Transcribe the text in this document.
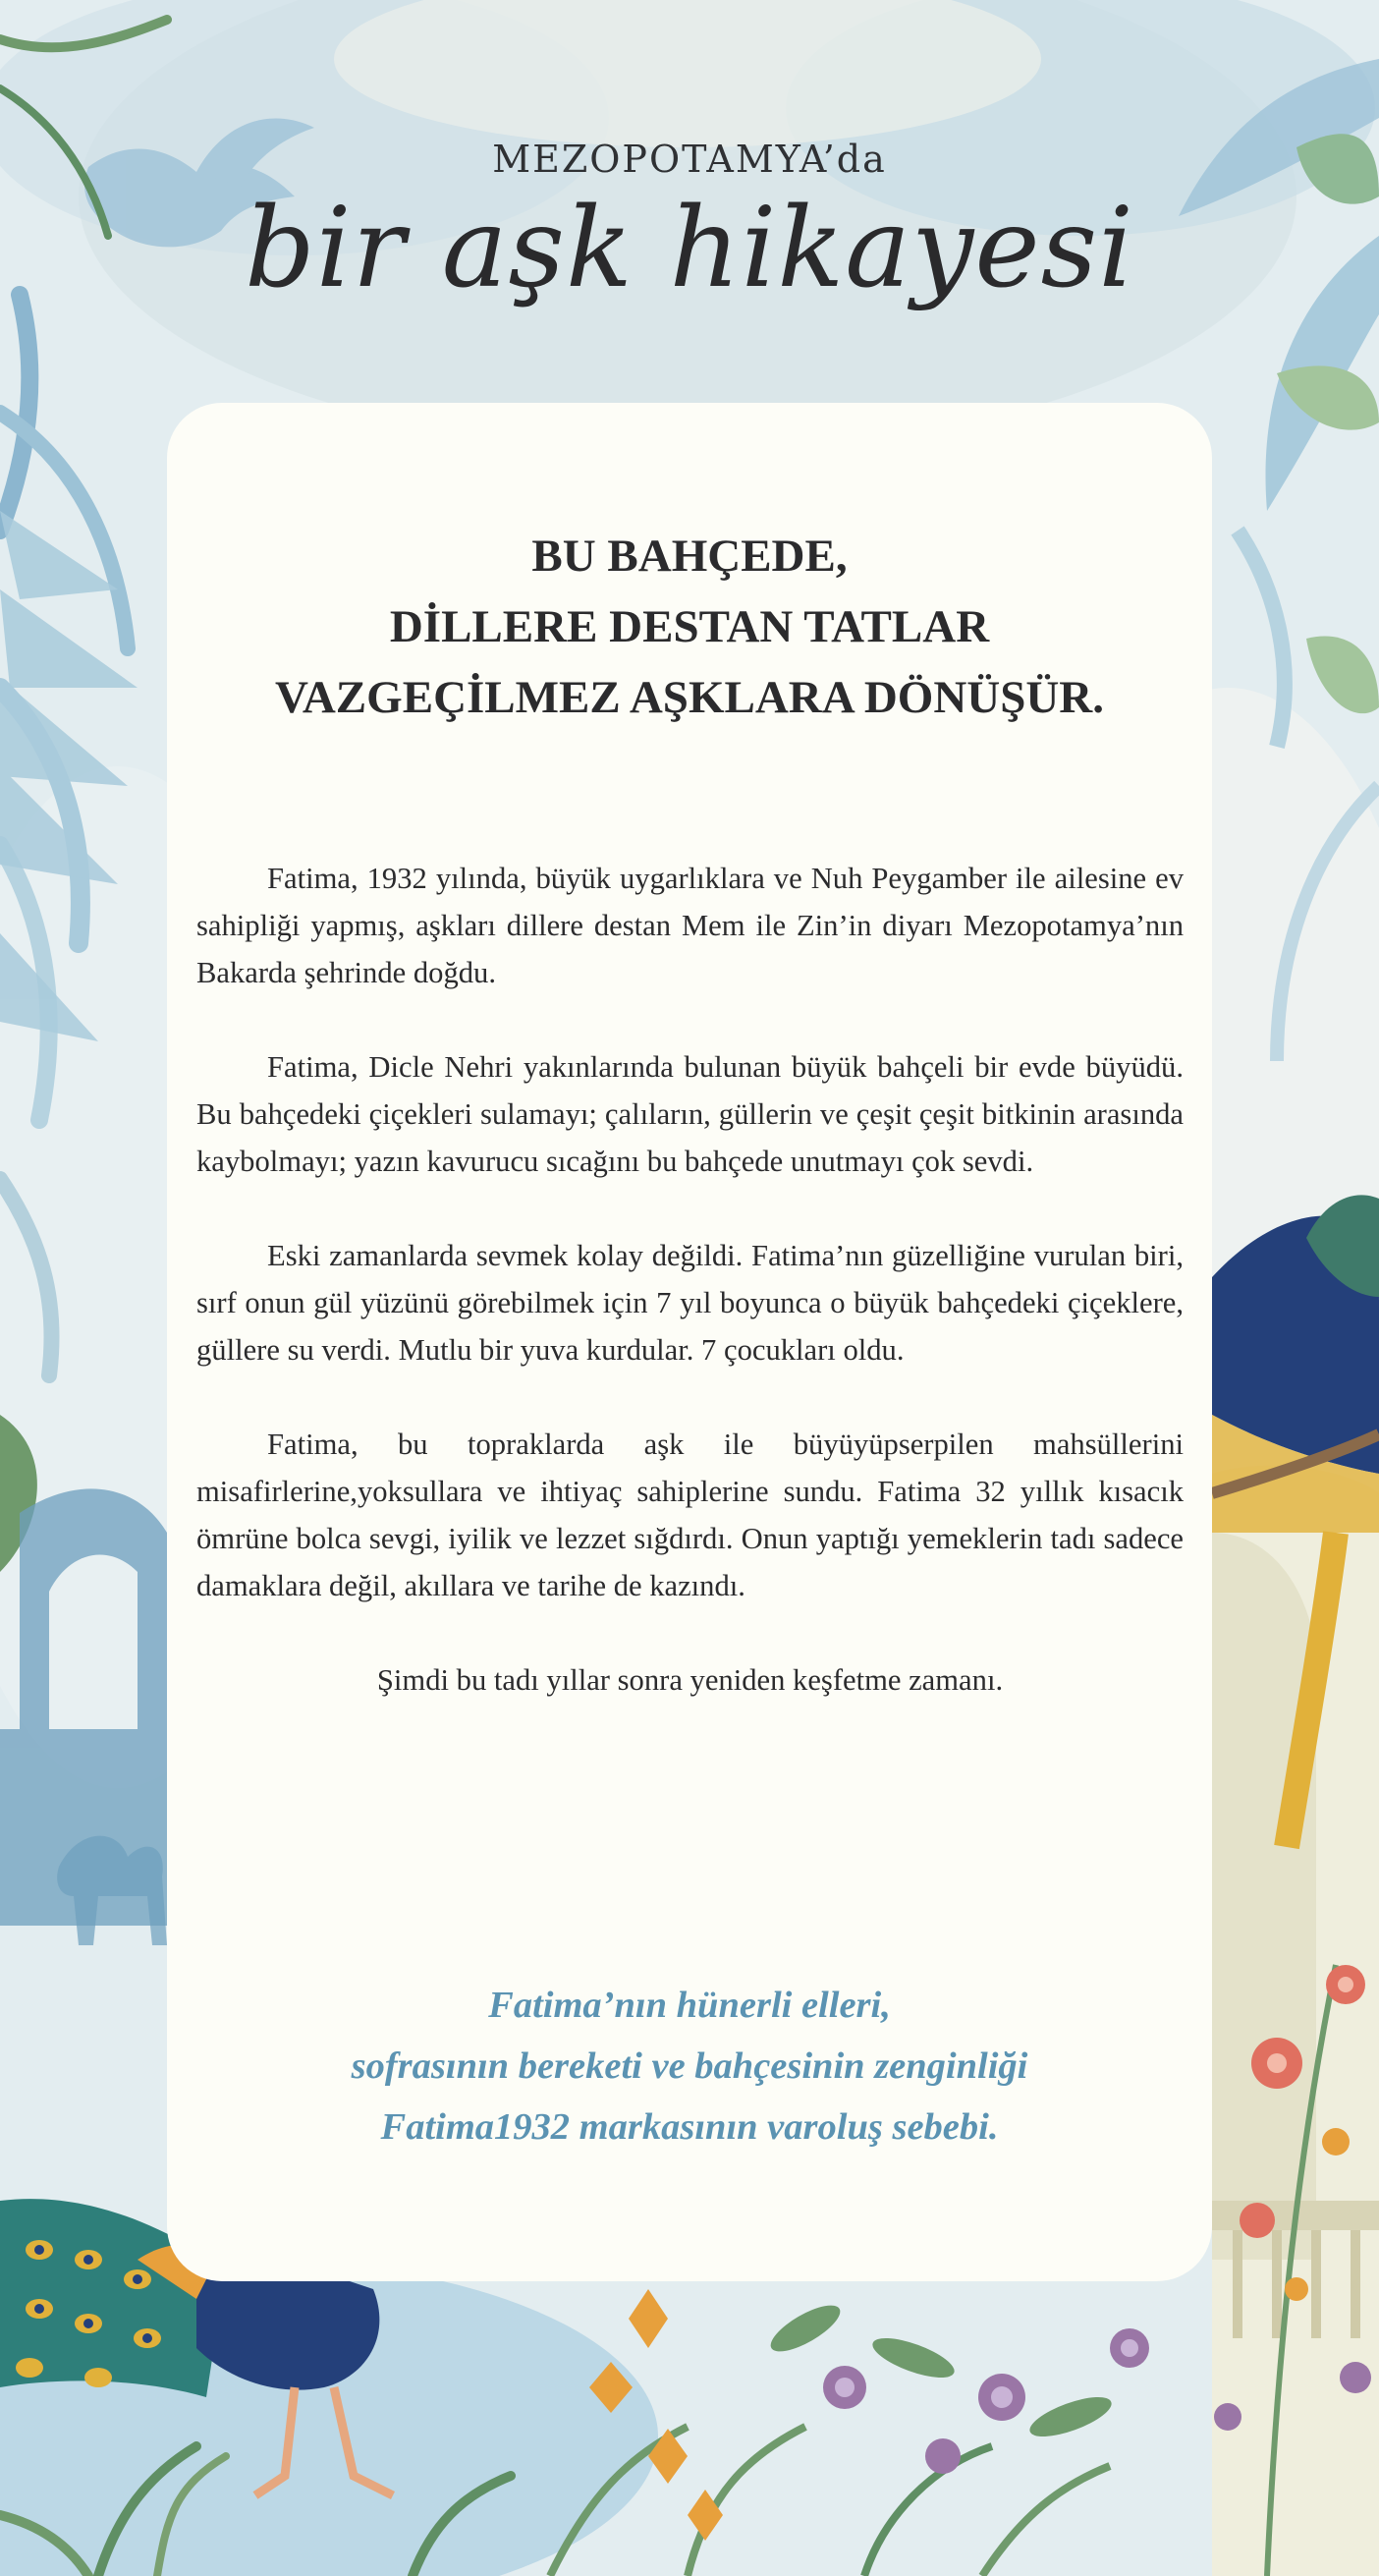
MEZOPOTAMYA’da
bir aşk hikayesi
BU BAHÇEDE,
DİLLERE DESTAN TATLAR
VAZGEÇİLMEZ AŞKLARA DÖNÜŞÜR.

Fatima, 1932 yılında, büyük uygarlıklara ve Nuh Peygamber ile ailesine ev sahipliği yapmış, aşkları dillere destan Mem ile Zin’in diyarı Mezopotamya’nın Bakarda şehrinde doğdu.

Fatima, Dicle Nehri yakınlarında bulunan büyük bahçeli bir evde büyüdü. Bu bahçedeki çiçekleri sulamayı; çalıların, güllerin ve çeşit çeşit bitkinin arasında kaybolmayı; yazın kavurucu sıcağını bu bahçede unutmayı çok sevdi.

Eski zamanlarda sevmek kolay değildi. Fatima’nın güzelliğine vurulan biri, sırf onun gül yüzünü görebilmek için 7 yıl boyunca o büyük bahçedeki çiçeklere, güllere su verdi. Mutlu bir yuva kurdular. 7 çocukları oldu.

Fatima, bu topraklarda aşk ile büyüyüpserpilen mahsüllerini misafirlerine,yoksullara ve ihtiyaç sahiplerine sundu. Fatima 32 yıllık kısacık ömrüne bolca sevgi, iyilik ve lezzet sığdırdı. Onun yaptığı yemeklerin tadı sadece damaklara değil, akıllara ve tarihe de kazındı.

Şimdi bu tadı yıllar sonra yeniden keşfetme zamanı.

Fatima’nın hünerli elleri,
sofrasının bereketi ve bahçesinin zenginliği
Fatima1932 markasının varoluş sebebi.
